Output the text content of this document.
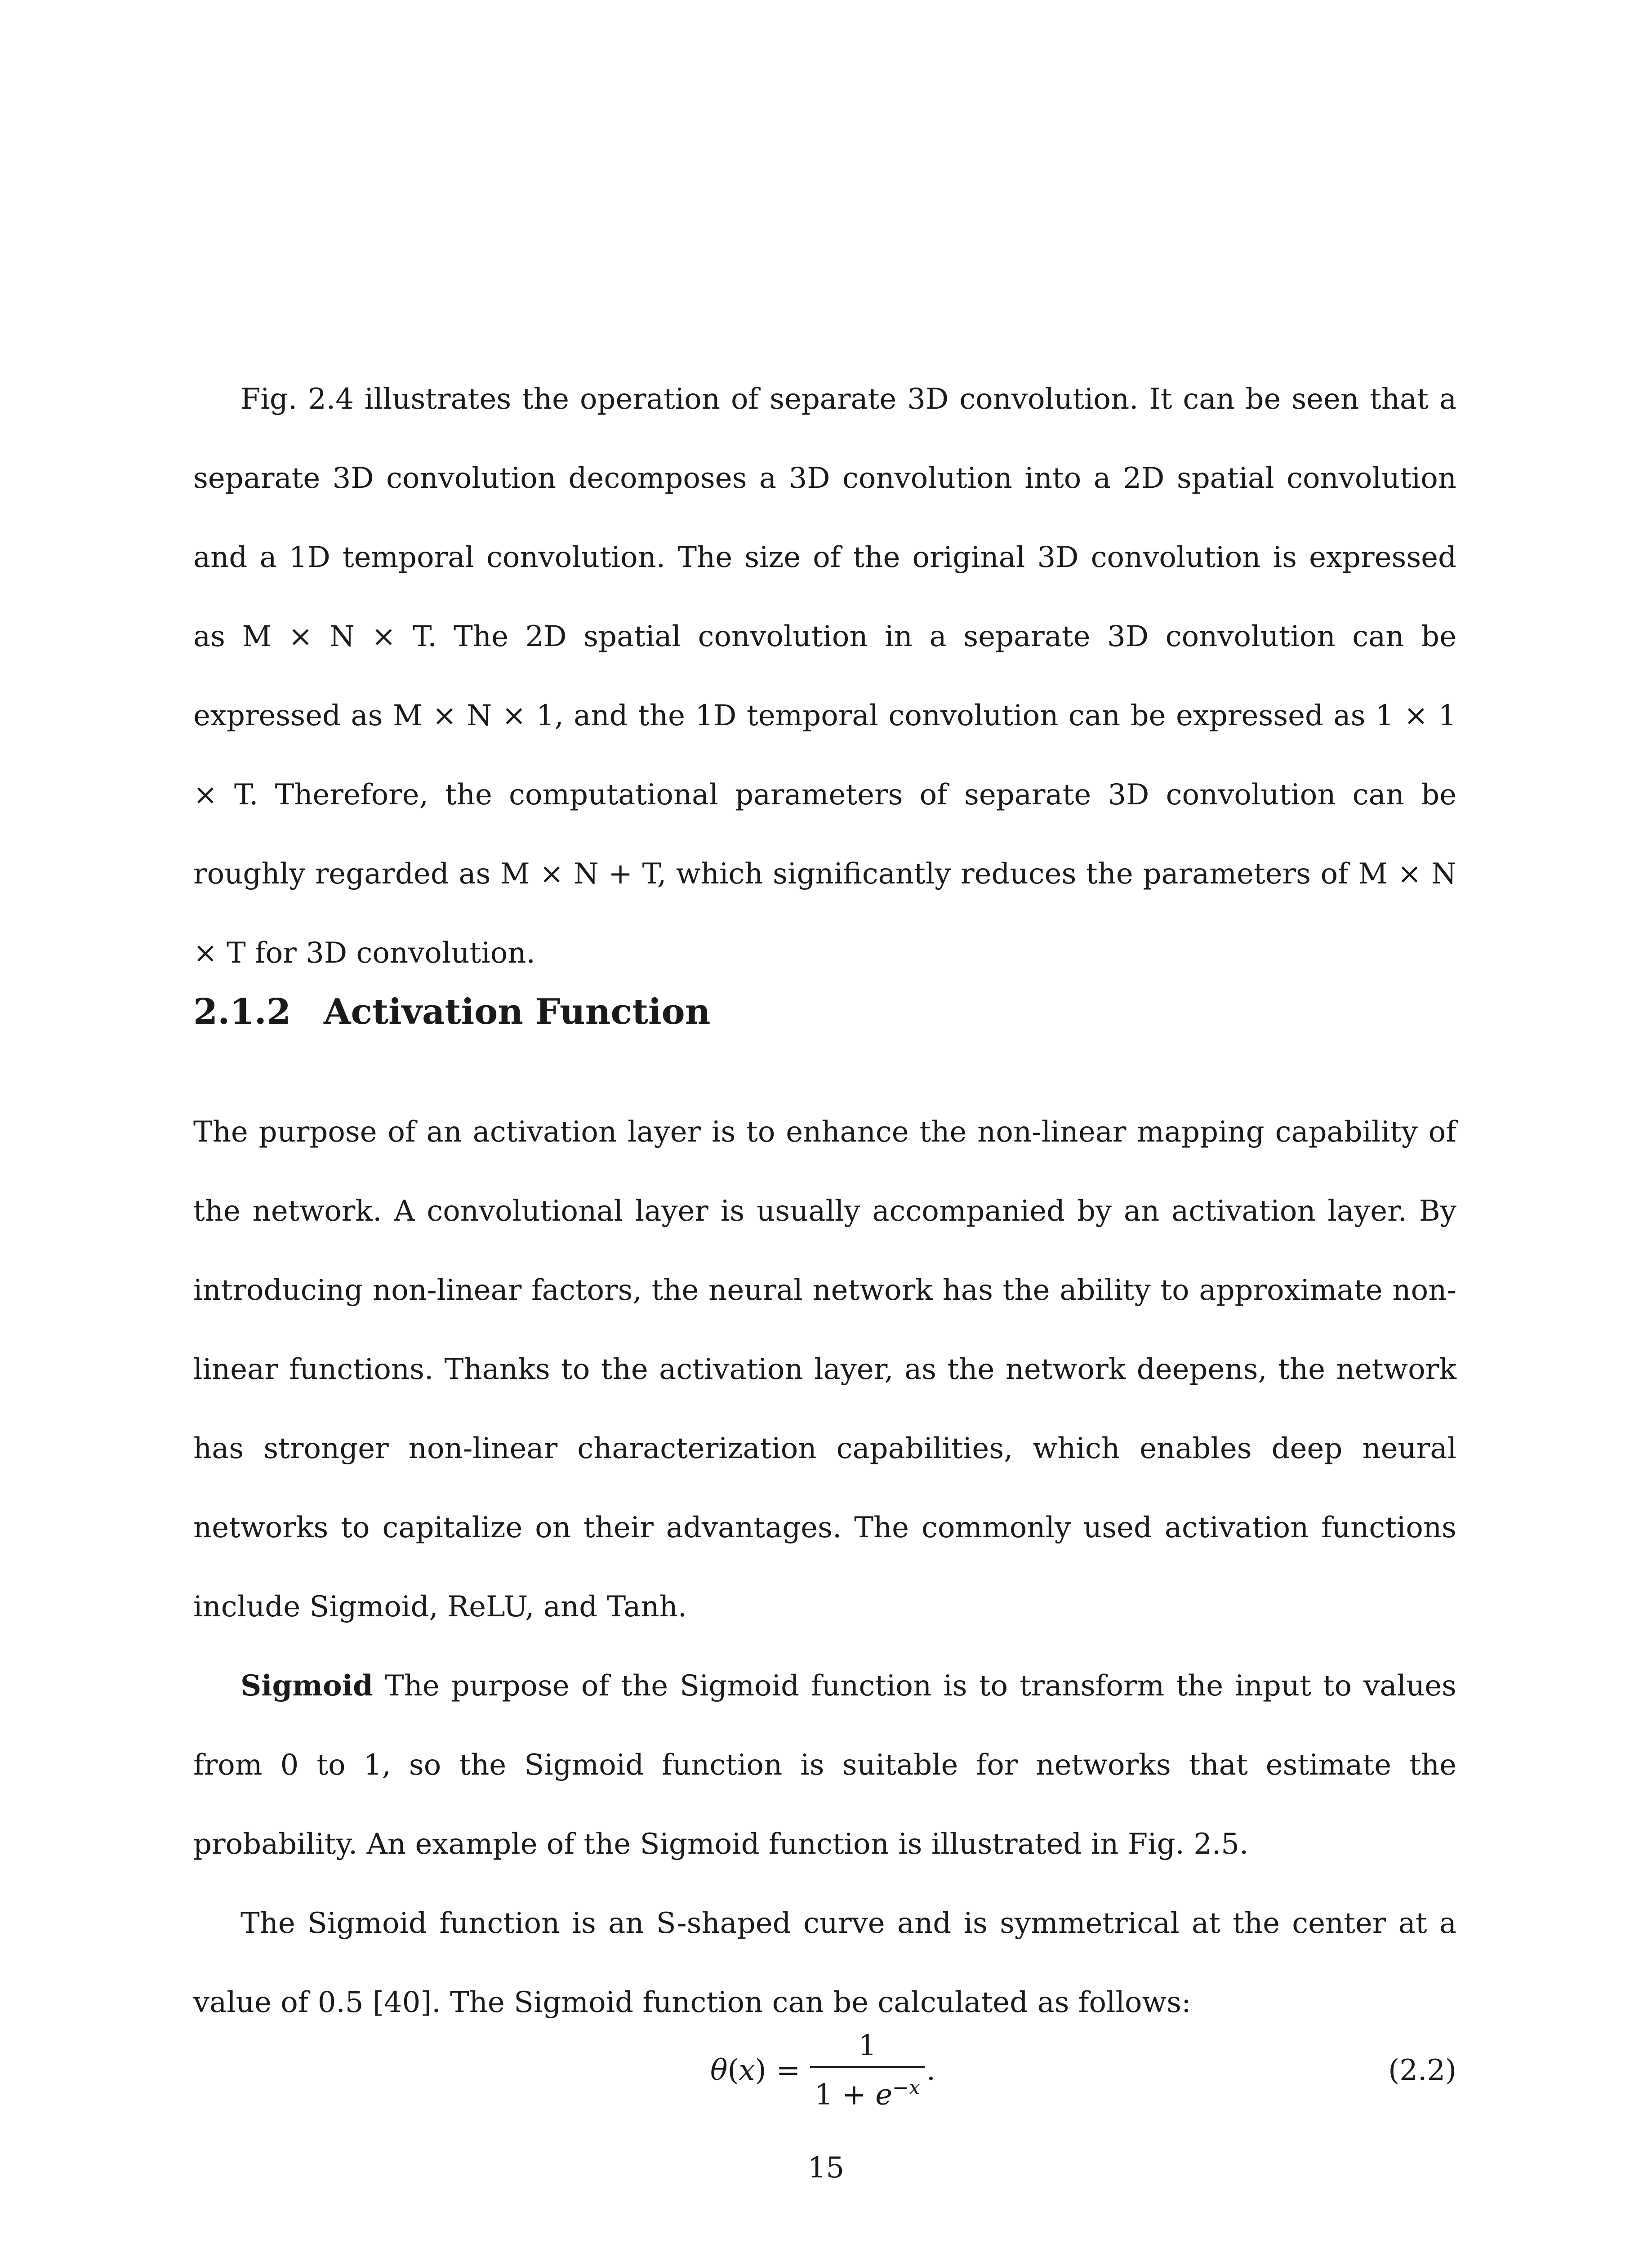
Fig. 2.4 illustrates the operation of separate 3D convolution. It can be seen that a separate 3D convolution decomposes a 3D convolution into a 2D spatial convolution and a 1D temporal convolution. The size of the original 3D convolution is expressed as M × N × T. The 2D spatial convolution in a separate 3D convolution can be expressed as M × N × 1, and the 1D temporal convolution can be expressed as 1 × 1 × T. Therefore, the computational parameters of separate 3D convolution can be roughly regarded as M × N + T, which significantly reduces the parameters of M × N × T for 3D convolution.

2.1.2 Activation Function

The purpose of an activation layer is to enhance the non-linear mapping capability of the network. A convolutional layer is usually accompanied by an activation layer. By introducing non-linear factors, the neural network has the ability to approximate non-linear functions. Thanks to the activation layer, as the network deepens, the network has stronger non-linear characterization capabilities, which enables deep neural networks to capitalize on their advantages. The commonly used activation functions include Sigmoid, ReLU, and Tanh.

Sigmoid The purpose of the Sigmoid function is to transform the input to values from 0 to 1, so the Sigmoid function is suitable for networks that estimate the probability. An example of the Sigmoid function is illustrated in Fig. 2.5.

The Sigmoid function is an S-shaped curve and is symmetrical at the center at a value of 0.5 [40]. The Sigmoid function can be calculated as follows:

$\theta(x) = \frac{1}{1 + e^{-x}}$ .	(2.2)
15
